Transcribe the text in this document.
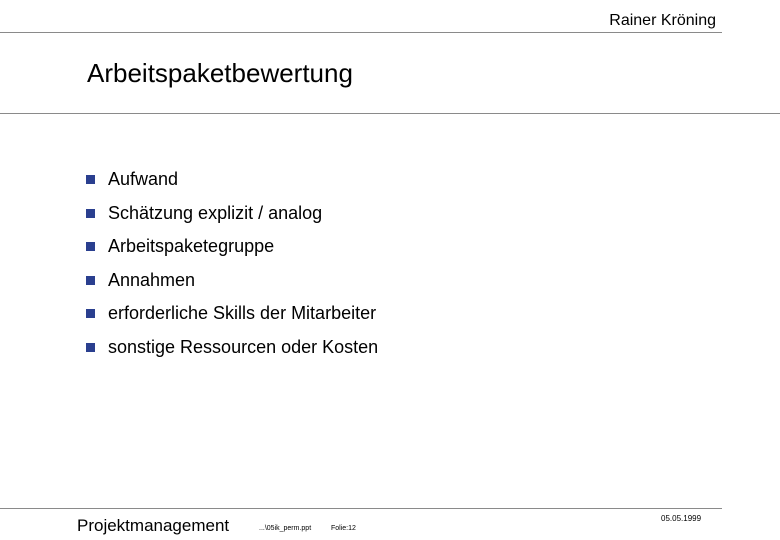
Rainer Kröning
Arbeitspaketbewertung
Aufwand
Schätzung explizit / analog
Arbeitspaketegruppe
Annahmen
erforderliche Skills der Mitarbeiter
sonstige Ressourcen oder Kosten
Projektmanagement	...\05ik_perm.ppt	Folie:12
05.05.1999
